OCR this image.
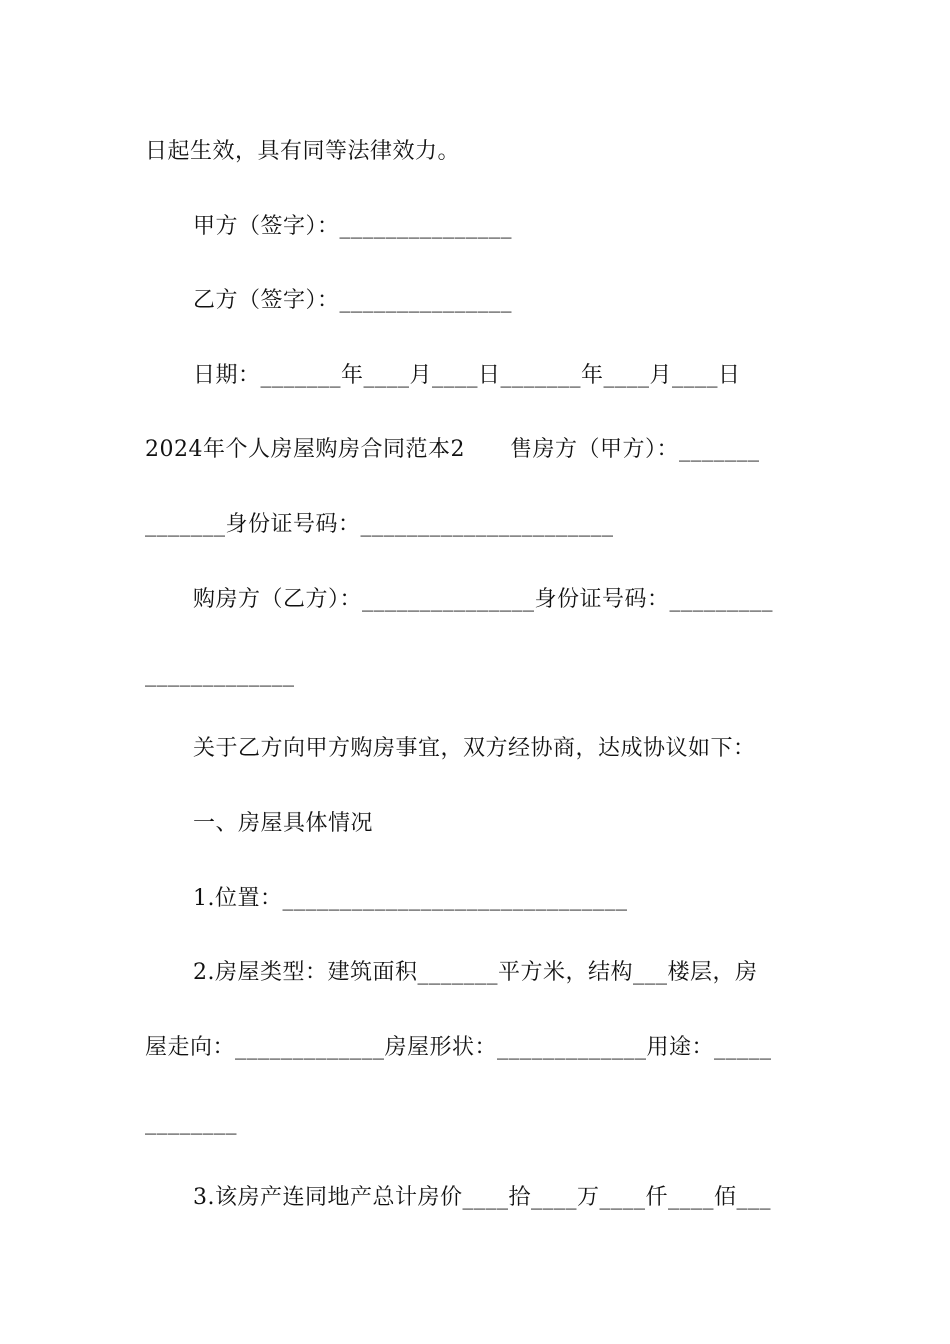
日起生效，具有同等法律效力。
甲方（签字）：_______________
乙方（签字）：_______________
日期：_______年____月____日_______年____月____日
2024年个人房屋购房合同范本2　　售房方（甲方）：_______
_______身份证号码：______________________
购房方（乙方）：_______________身份证号码：_________
_____________
关于乙方向甲方购房事宜，双方经协商，达成协议如下：
一、房屋具体情况
1.位置：______________________________
2.房屋类型：建筑面积_______平方米，结构___楼层，房
屋走向：_____________房屋形状：_____________用途：_____
________
3.该房产连同地产总计房价____拾____万____仟____佰___
